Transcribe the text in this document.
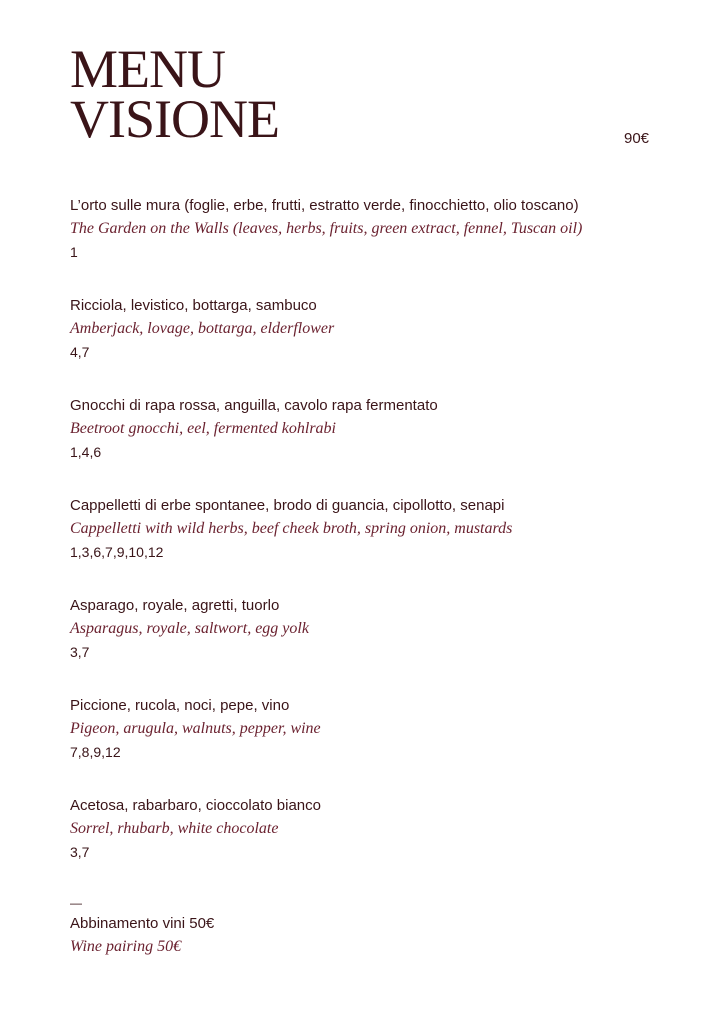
MENU
VISIONE	90€
L’orto sulle mura (foglie, erbe, frutti, estratto verde, finocchietto, olio toscano)
The Garden on the Walls (leaves, herbs, fruits, green extract, fennel, Tuscan oil)
1
Ricciola, levistico, bottarga, sambuco
Amberjack, lovage, bottarga, elderflower
4,7
Gnocchi di rapa rossa, anguilla, cavolo rapa fermentato
Beetroot gnocchi, eel, fermented kohlrabi
1,4,6
Cappelletti di erbe spontanee, brodo di guancia, cipollotto, senapi
Cappelletti with wild herbs, beef cheek broth, spring onion, mustards
1,3,6,7,9,10,12
Asparago, royale, agretti, tuorlo
Asparagus, royale, saltwort, egg yolk
3,7
Piccione, rucola, noci, pepe, vino
Pigeon, arugula, walnuts, pepper, wine
7,8,9,12
Acetosa, rabarbaro, cioccolato bianco
Sorrel, rhubarb, white chocolate
3,7
—
Abbinamento vini 50€
Wine pairing 50€
